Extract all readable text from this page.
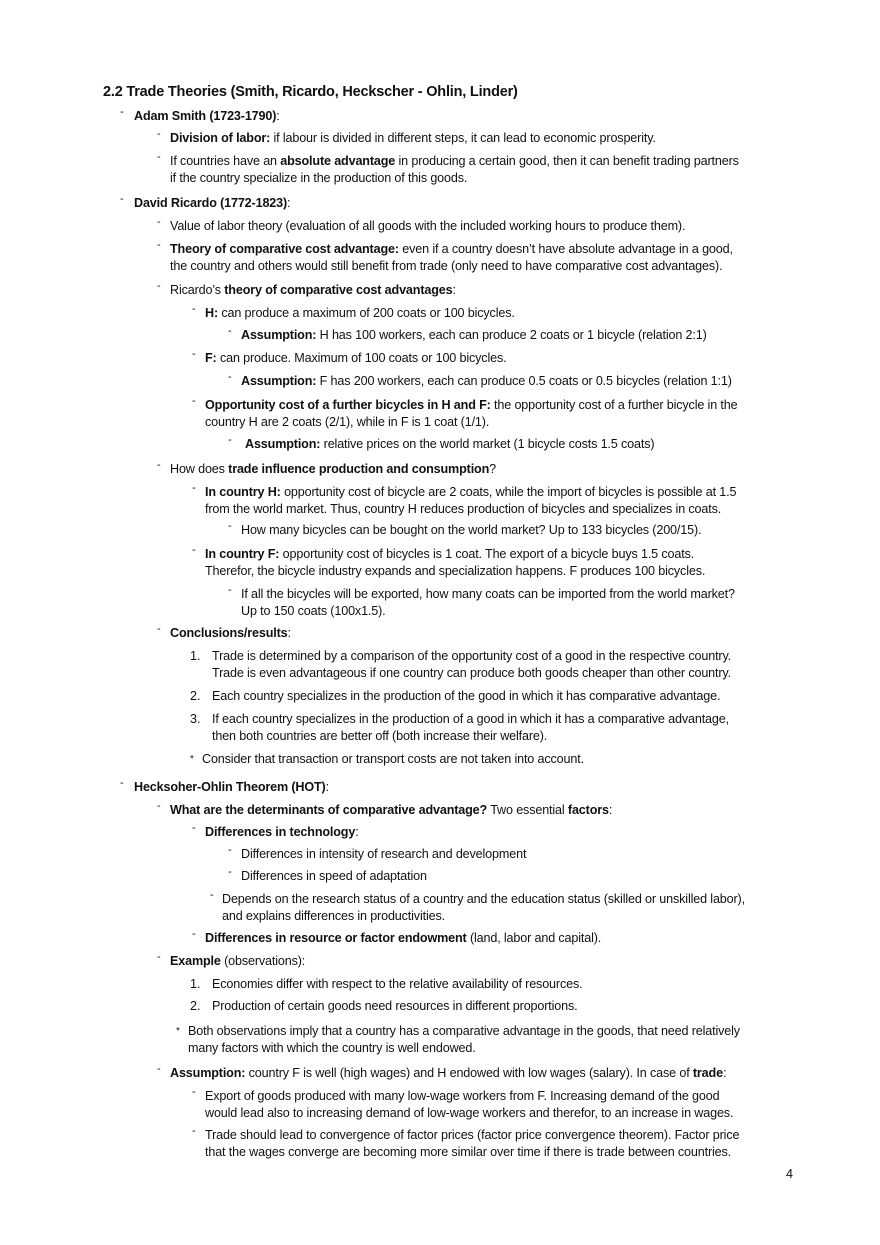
2.2 Trade Theories (Smith, Ricardo, Heckscher - Ohlin, Linder)
- Adam Smith (1723-1790):
- Division of labor: if labour is divided in different steps, it can lead to economic prosperity.
- If countries have an absolute advantage in producing a certain good, then it can benefit trading partners
if the country specialize in the production of this goods.
- David Ricardo (1772-1823):
- Value of labor theory (evaluation of all goods with the included working hours to produce them).
- Theory of comparative cost advantage: even if a country doesn’t have absolute advantage in a good,
the country and others would still benefit from trade (only need to have comparative cost advantages).
- Ricardo’s theory of comparative cost advantages:
- H: can produce a maximum of 200 coats or 100 bicycles.
- Assumption: H has 100 workers, each can produce 2 coats or 1 bicycle (relation 2:1)
- F: can produce. Maximum of 100 coats or 100 bicycles.
- Assumption: F has 200 workers, each can produce 0.5 coats or 0.5 bicycles (relation 1:1)
- Opportunity cost of a further bicycles in H and F: the opportunity cost of a further bicycle in the
country H are 2 coats (2/1), while in F is 1 coat (1/1).
- Assumption: relative prices on the world market (1 bicycle costs 1.5 coats)
- How does trade influence production and consumption?
- In country H: opportunity cost of bicycle are 2 coats, while the import of bicycles is possible at 1.5
from the world market. Thus, country H reduces production of bicycles and specializes in coats.
- How many bicycles can be bought on the world market? Up to 133 bicycles (200/15).
- In country F: opportunity cost of bicycles is 1 coat. The export of a bicycle buys 1.5 coats.
Therefor, the bicycle industry expands and specialization happens. F produces 100 bicycles.
- If all the bicycles will be exported, how many coats can be imported from the world market?
Up to 150 coats (100x1.5).
- Conclusions/results:
1. Trade is determined by a comparison of the opportunity cost of a good in the respective country.
Trade is even advantageous if one country can produce both goods cheaper than other country.
2. Each country specializes in the production of the good in which it has comparative advantage.
3. If each country specializes in the production of a good in which it has a comparative advantage,
then both countries are better off (both increase their welfare).
* Consider that transaction or transport costs are not taken into account.
- Hecksoher-Ohlin Theorem (HOT):
- What are the determinants of comparative advantage? Two essential factors:
- Differences in technology:
- Differences in intensity of research and development
- Differences in speed of adaptation
- Depends on the research status of a country and the education status (skilled or unskilled labor),
and explains differences in productivities.
- Differences in resource or factor endowment (land, labor and capital).
- Example (observations):
1. Economies differ with respect to the relative availability of resources.
2. Production of certain goods need resources in different proportions.
* Both observations imply that a country has a comparative advantage in the goods, that need relatively
many factors with which the country is well endowed.
- Assumption: country F is well (high wages) and H endowed with low wages (salary). In case of trade:
- Export of goods produced with many low-wage workers from F. Increasing demand of the good
would lead also to increasing demand of low-wage workers and therefor, to an increase in wages.
- Trade should lead to convergence of factor prices (factor price convergence theorem). Factor price
that the wages converge are becoming more similar over time if there is trade between countries.
4
